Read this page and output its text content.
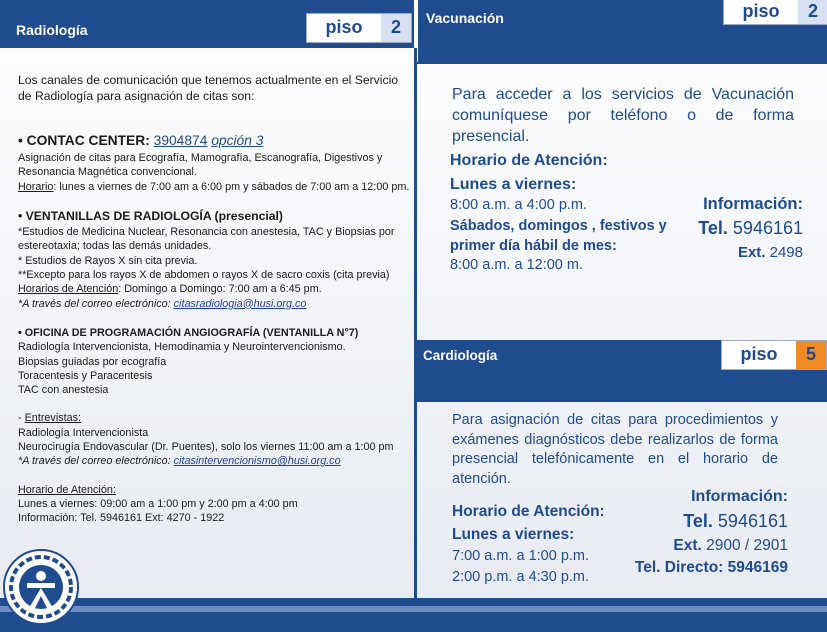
Vacunación	piso	2
Radiología	piso	2

Los canales de comunicación que tenemos actualmente en el Servicio de Radiología para asignación de citas son:

• CONTAC CENTER: 3904874 opción 3

Asignación de citas para Ecografía, Mamografía, Escanografía, Digestivos y Resonancia Magnética convencional.

Horario: lunes a viernes de 7:00 am a 6:00 pm y sábados de 7:00 am a 12:00 pm.

• VENTANILLAS DE RADIOLOGÍA (presencial)

*Estudios de Medicina Nuclear, Resonancia con anestesia, TAC y Biopsias por estereotaxia; todas las demás unidades.

* Estudios de Rayos X sin cita previa.

**Excepto para los rayos X de abdomen o rayos X de sacro coxis (cita previa)

Horarios de Atención: Domingo a Domingo: 7:00 am a 6:45 pm.

*A través del correo electrónico: citasradiologia@husi.org.co

• OFICINA DE PROGRAMACIÓN ANGIOGRAFÍA (VENTANILLA N°7)

Radiología Intervencionista, Hemodinamia y Neurointervencionismo.

Biopsias guiadas por ecografía

Toracentesis y Paracentesis

TAC con anestesia

- Entrevistas:

Radiología Intervencionista

Neurocirugía Endovascular (Dr. Puentes), solo los viernes 11:00 am a 1:00 pm

*A través del correo electrónico: citasintervencionismo@husi.org.co

Horario de Atención:

Lunes a viernes: 09:00 am a 1:00 pm y 2:00 pm a 4:00 pm

Información: Tel. 5946161 Ext: 4270 - 1922

Para acceder a los servicios de Vacunación comuníquese por teléfono o de forma presencial.
Horario de Atención:
Lunes a viernes:
8:00 a.m. a 4:00 p.m.
Sábados, domingos , festivos y primer día hábil de mes:
8:00 a.m. a 12:00 m.
Información:
Tel. 5946161
Ext. 2498
Cardiología	piso	5
Para asignación de citas para procedimientos y exámenes diagnósticos debe realizarlos de forma presencial telefónicamente en el horario de atención.
Horario de Atención:
Lunes a viernes:
7:00 a.m. a 1:00 p.m.
2:00 p.m. a 4:30 p.m.
Información:
Tel. 5946161
Ext. 2900 / 2901
Tel. Directo: 5946169
